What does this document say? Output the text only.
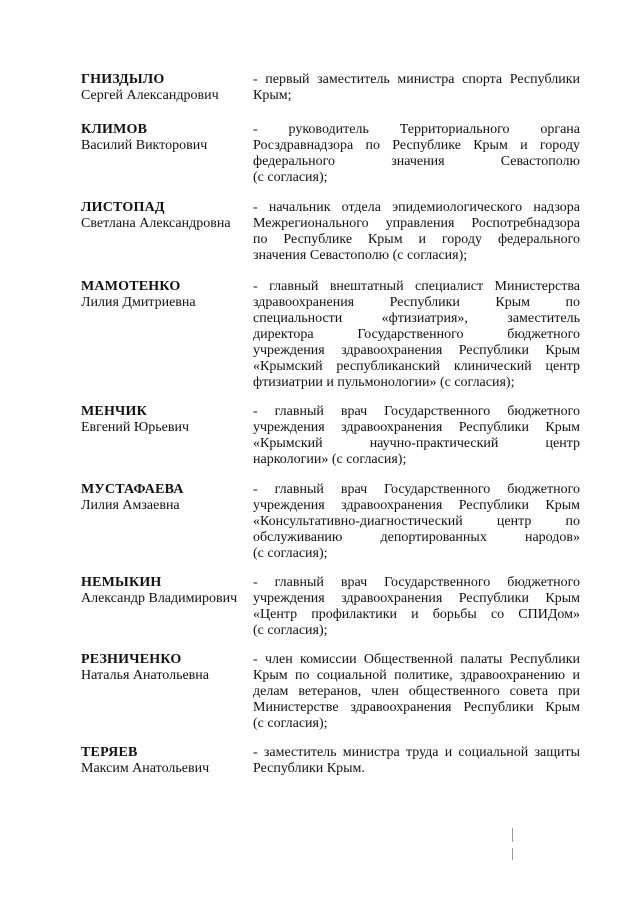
ГНИЗДЫЛО
Сергей Александрович
- первый заместитель министра спорта Республики
Крым;
КЛИМОВ
Василий Викторович
- руководитель Территориального органа
Росздравнадзора по Республике Крым и городу
федерального значения Севастополю
(с согласия);
ЛИСТОПАД
Светлана Александровна
- начальник отдела эпидемиологического надзора
Межрегионального управления Роспотребнадзора
по Республике Крым и городу федерального
значения Севастополю (с согласия);
МАМОТЕНКО
Лилия Дмитриевна
- главный внештатный специалист Министерства
здравоохранения Республики Крым по
специальности «фтизиатрия», заместитель
директора Государственного бюджетного
учреждения здравоохранения Республики Крым
«Крымский республиканский клинический центр
фтизиатрии и пульмонологии» (с согласия);
МЕНЧИК
Евгений Юрьевич
- главный врач Государственного бюджетного
учреждения здравоохранения Республики Крым
«Крымский научно-практический центр
наркологии» (с согласия);
МУСТАФАЕВА
Лилия Амзаевна
- главный врач Государственного бюджетного
учреждения здравоохранения Республики Крым
«Консультативно-диагностический центр по
обслуживанию депортированных народов»
(с согласия);
НЕМЫКИН
Александр Владимирович
- главный врач Государственного бюджетного
учреждения здравоохранения Республики Крым
«Центр профилактики и борьбы со СПИДом»
(с согласия);
РЕЗНИЧЕНКО
Наталья Анатольевна
- член комиссии Общественной палаты Республики
Крым по социальной политике, здравоохранению и
делам ветеранов, член общественного совета при
Министерстве здравоохранения Республики Крым
(с согласия);
ТЕРЯЕВ
Максим Анатольевич
- заместитель министра труда и социальной защиты
Республики Крым.
